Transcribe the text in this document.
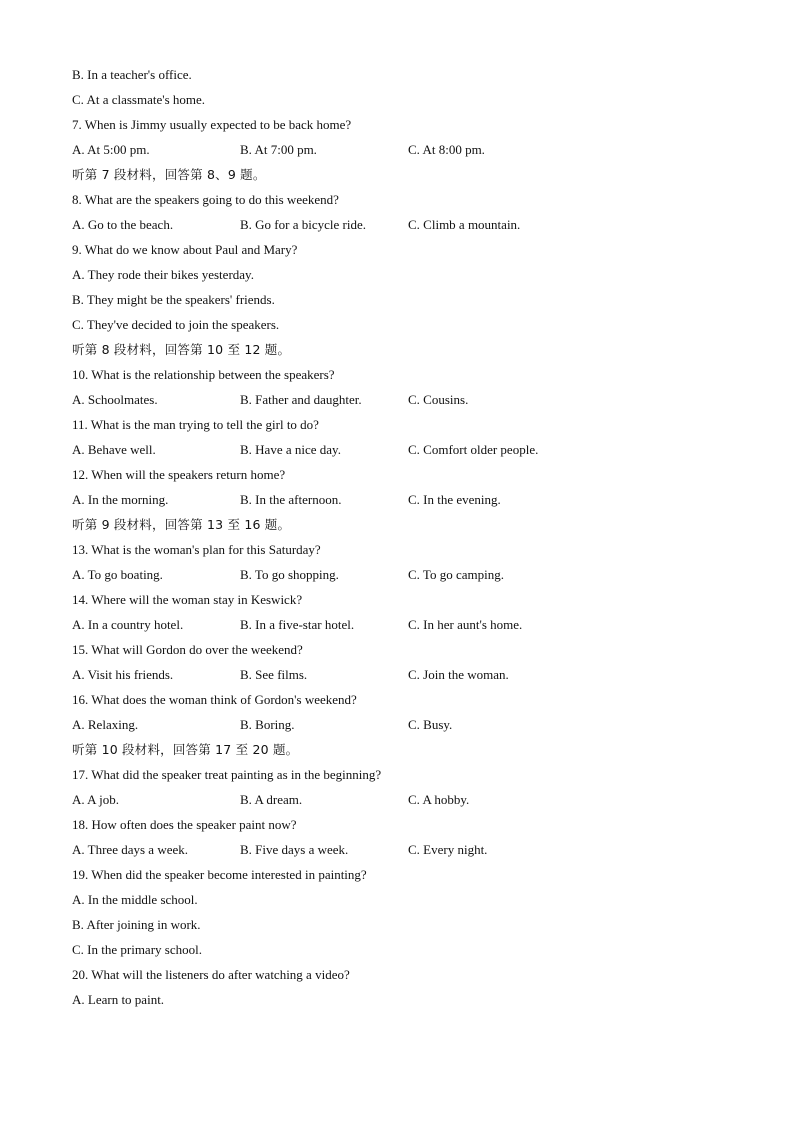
B. In a teacher's office.
C. At a classmate's home.
7. When is Jimmy usually expected to be back home?
A. At 5:00 pm.	B. At 7:00 pm.	C. At 8:00 pm.
听第 7 段材料，回答第 8、9 题。
8. What are the speakers going to do this weekend?
A. Go to the beach.	B. Go for a bicycle ride.	C. Climb a mountain.
9. What do we know about Paul and Mary?
A. They rode their bikes yesterday.
B. They might be the speakers' friends.
C. They've decided to join the speakers.
听第 8 段材料，回答第 10 至 12 题。
10. What is the relationship between the speakers?
A. Schoolmates.	B. Father and daughter.	C. Cousins.
11. What is the man trying to tell the girl to do?
A. Behave well.	B. Have a nice day.	C. Comfort older people.
12. When will the speakers return home?
A. In the morning.	B. In the afternoon.	C. In the evening.
听第 9 段材料，回答第 13 至 16 题。
13. What is the woman's plan for this Saturday?
A. To go boating.	B. To go shopping.	C. To go camping.
14. Where will the woman stay in Keswick?
A. In a country hotel.	B. In a five-star hotel.	C. In her aunt's home.
15. What will Gordon do over the weekend?
A. Visit his friends.	B. See films.	C. Join the woman.
16. What does the woman think of Gordon's weekend?
A. Relaxing.	B. Boring.	C. Busy.
听第 10 段材料，回答第 17 至 20 题。
17. What did the speaker treat painting as in the beginning?
A. A job.	B. A dream.	C. A hobby.
18. How often does the speaker paint now?
A. Three days a week.	B. Five days a week.	C. Every night.
19. When did the speaker become interested in painting?
A. In the middle school.
B. After joining in work.
C. In the primary school.
20. What will the listeners do after watching a video?
A. Learn to paint.
